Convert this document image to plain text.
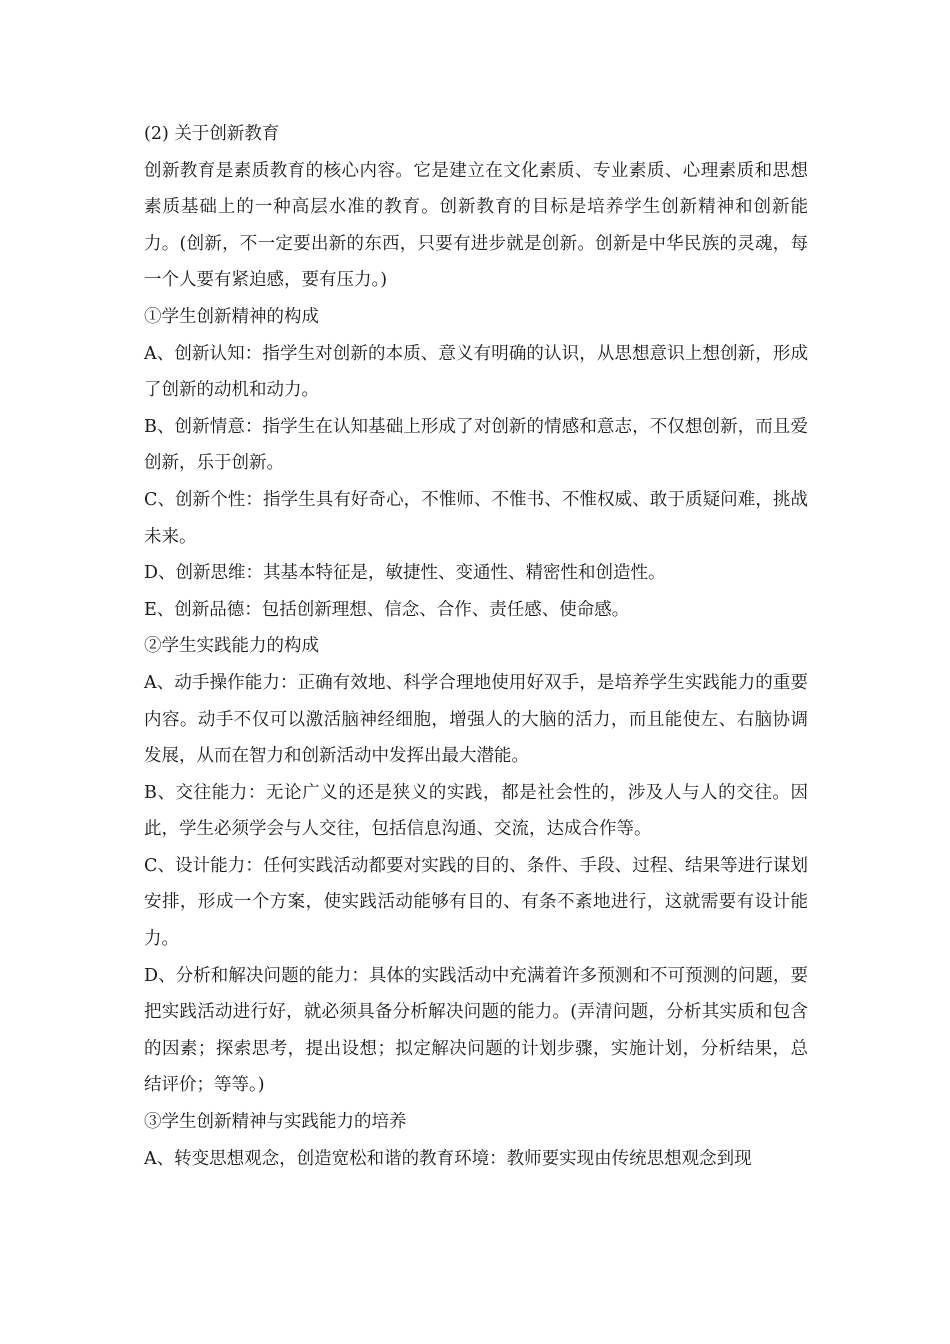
(2) 关于创新教育

创新教育是素质教育的核心内容。它是建立在文化素质、专业素质、心理素质和思想素质基础上的一种高层水准的教育。创新教育的目标是培养学生创新精神和创新能力。(创新，不一定要出新的东西，只要有进步就是创新。创新是中华民族的灵魂，每一个人要有紧迫感，要有压力。)

①学生创新精神的构成

A、创新认知：指学生对创新的本质、意义有明确的认识，从思想意识上想创新，形成了创新的动机和动力。

B、创新情意：指学生在认知基础上形成了对创新的情感和意志，不仅想创新，而且爱创新，乐于创新。

C、创新个性：指学生具有好奇心，不惟师、不惟书、不惟权威、敢于质疑问难，挑战未来。

D、创新思维：其基本特征是，敏捷性、变通性、精密性和创造性。

E、创新品德：包括创新理想、信念、合作、责任感、使命感。

②学生实践能力的构成

A、动手操作能力：正确有效地、科学合理地使用好双手，是培养学生实践能力的重要内容。动手不仅可以激活脑神经细胞，增强人的大脑的活力，而且能使左、右脑协调发展，从而在智力和创新活动中发挥出最大潜能。

B、交往能力：无论广义的还是狭义的实践，都是社会性的，涉及人与人的交往。因此，学生必须学会与人交往，包括信息沟通、交流，达成合作等。

C、设计能力：任何实践活动都要对实践的目的、条件、手段、过程、结果等进行谋划安排，形成一个方案，使实践活动能够有目的、有条不紊地进行，这就需要有设计能力。

D、分析和解决问题的能力：具体的实践活动中充满着许多预测和不可预测的问题，要把实践活动进行好，就必须具备分析解决问题的能力。(弄清问题，分析其实质和包含的因素；探索思考，提出设想；拟定解决问题的计划步骤，实施计划，分析结果，总结评价；等等。)

③学生创新精神与实践能力的培养

A、转变思想观念，创造宽松和谐的教育环境：教师要实现由传统思想观念到现
